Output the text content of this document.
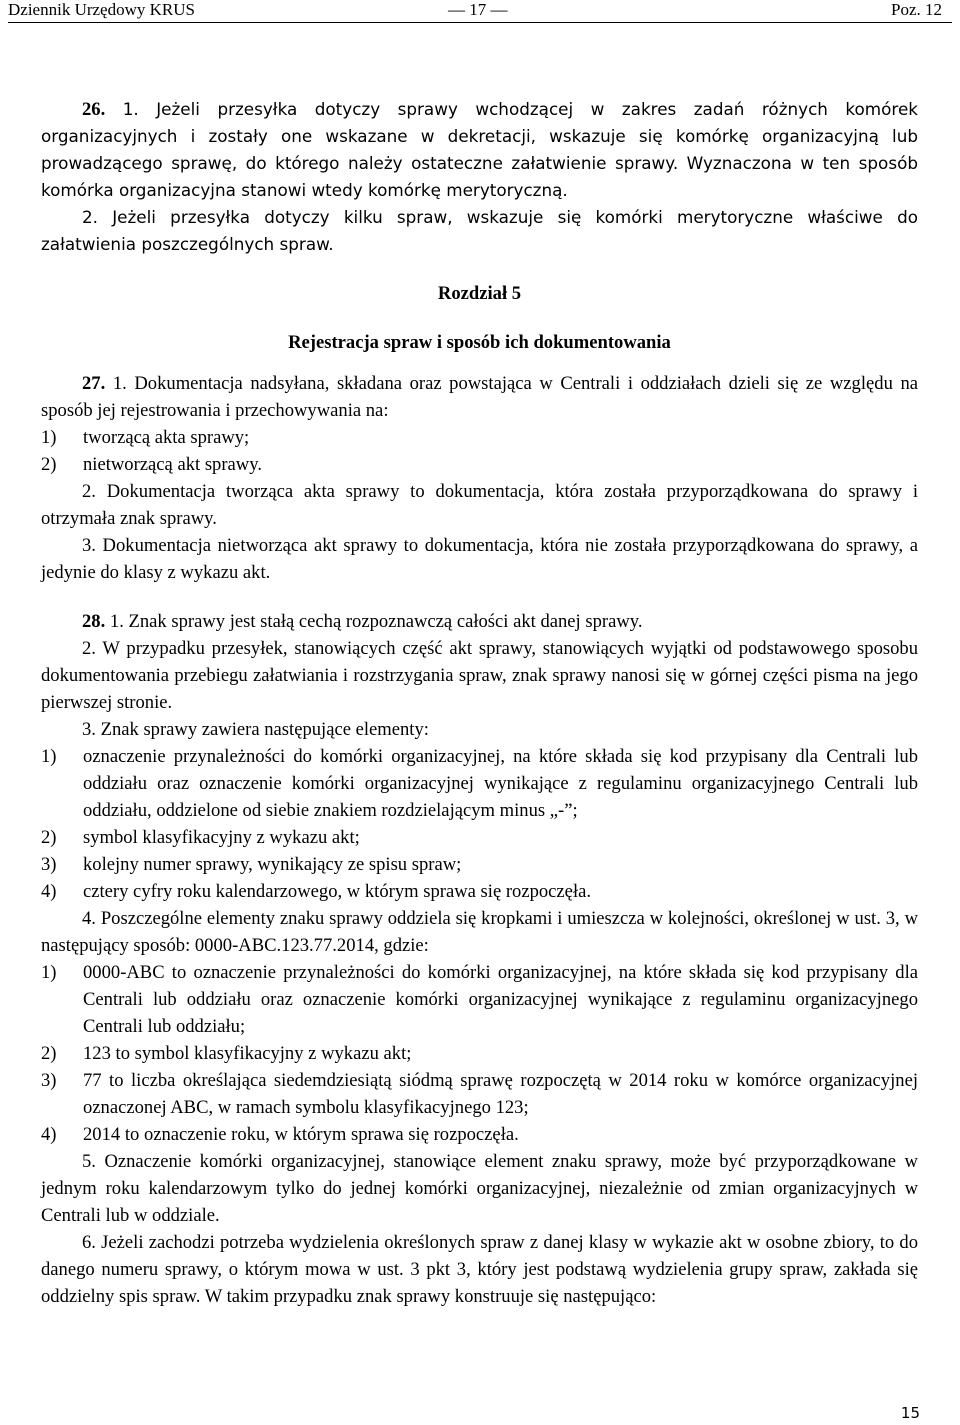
Dziennik Urzędowy KRUS	— 17 —	Poz. 12

26. 1. Jeżeli przesyłka dotyczy sprawy wchodzącej w zakres zadań różnych komórek organizacyjnych i zostały one wskazane w dekretacji, wskazuje się komórkę organizacyjną lub prowadzącego sprawę, do którego należy ostateczne załatwienie sprawy. Wyznaczona w ten sposób komórka organizacyjna stanowi wtedy komórkę merytoryczną.

2. Jeżeli przesyłka dotyczy kilku spraw, wskazuje się komórki merytoryczne właściwe do załatwienia poszczególnych spraw.

Rozdział 5

Rejestracja spraw i sposób ich dokumentowania

27. 1. Dokumentacja nadsyłana, składana oraz powstająca w Centrali i oddziałach dzieli się ze względu na sposób jej rejestrowania i przechowywania na:

1)	tworzącą akta sprawy;
2)	nietworzącą akt sprawy.

2. Dokumentacja tworząca akta sprawy to dokumentacja, która została przyporządkowana do sprawy i otrzymała znak sprawy.

3. Dokumentacja nietworząca akt sprawy to dokumentacja, która nie została przyporządkowana do sprawy, a jedynie do klasy z wykazu akt.

28. 1. Znak sprawy jest stałą cechą rozpoznawczą całości akt danej sprawy.

2. W przypadku przesyłek, stanowiących część akt sprawy, stanowiących wyjątki od podstawowego sposobu dokumentowania przebiegu załatwiania i rozstrzygania spraw, znak sprawy nanosi się w górnej części pisma na jego pierwszej stronie.

3. Znak sprawy zawiera następujące elementy:

1)	oznaczenie przynależności do komórki organizacyjnej, na które składa się kod przypisany dla Centrali lub oddziału oraz oznaczenie komórki organizacyjnej wynikające z regulaminu organizacyjnego Centrali lub oddziału, oddzielone od siebie znakiem rozdzielającym minus „-”;
2)	symbol klasyfikacyjny z wykazu akt;
3)	kolejny numer sprawy, wynikający ze spisu spraw;
4)	cztery cyfry roku kalendarzowego, w którym sprawa się rozpoczęła.

4. Poszczególne elementy znaku sprawy oddziela się kropkami i umieszcza w kolejności, określonej w ust. 3, w następujący sposób: 0000-ABC.123.77.2014, gdzie:

1)	0000-ABC to oznaczenie przynależności do komórki organizacyjnej, na które składa się kod przypisany dla Centrali lub oddziału oraz oznaczenie komórki organizacyjnej wynikające z regulaminu organizacyjnego Centrali lub oddziału;
2)	123 to symbol klasyfikacyjny z wykazu akt;
3)	77 to liczba określająca siedemdziesiątą siódmą sprawę rozpoczętą w 2014 roku w komórce organizacyjnej oznaczonej ABC, w ramach symbolu klasyfikacyjnego 123;
4)	2014 to oznaczenie roku, w którym sprawa się rozpoczęła.

5. Oznaczenie komórki organizacyjnej, stanowiące element znaku sprawy, może być przyporządkowane w jednym roku kalendarzowym tylko do jednej komórki organizacyjnej, niezależnie od zmian organizacyjnych w Centrali lub w oddziale.

6. Jeżeli zachodzi potrzeba wydzielenia określonych spraw z danej klasy w wykazie akt w osobne zbiory, to do danego numeru sprawy, o którym mowa w ust. 3 pkt 3, który jest podstawą wydzielenia grupy spraw, zakłada się oddzielny spis spraw. W takim przypadku znak sprawy konstruuje się następująco:

15
